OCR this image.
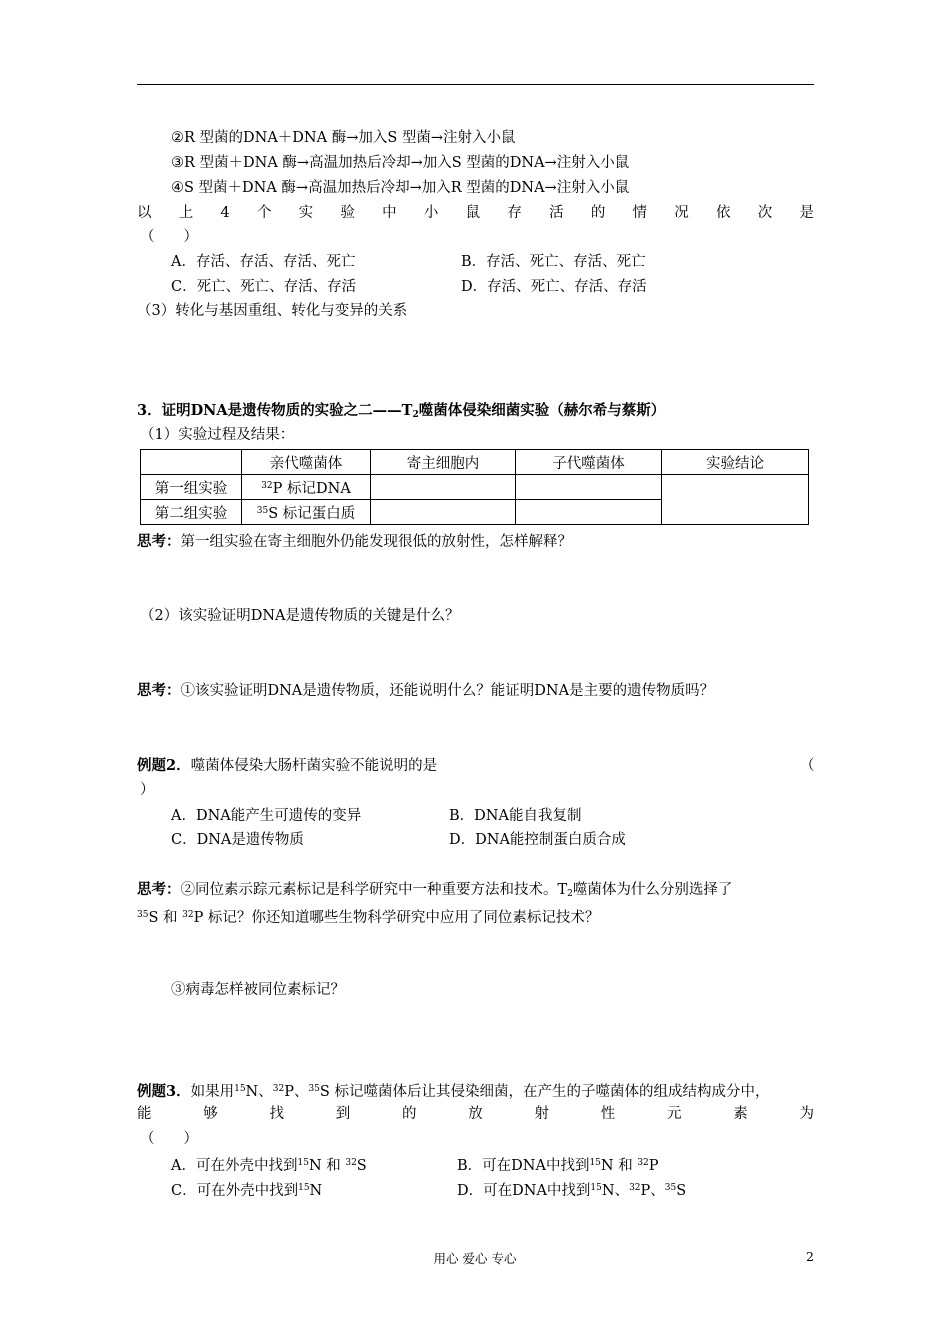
②R 型菌的DNA＋DNA 酶→加入S 型菌→注射入小鼠
③R 型菌＋DNA 酶→高温加热后冷却→加入S 型菌的DNA→注射入小鼠
④S 型菌＋DNA 酶→高温加热后冷却→加入R 型菌的DNA→注射入小鼠
以 上 4 个 实 验 中 小 鼠 存 活 的 情 况 依 次 是
（　　）
A．存活、存活、存活、死亡	B．存活、死亡、存活、死亡
C．死亡、死亡、存活、存活	D．存活、死亡、存活、存活
（3）转化与基因重组、转化与变异的关系
3．证明DNA是遗传物质的实验之二$——T_2$噬菌体侵染细菌实验（赫尔希与蔡斯）
（1）实验过程及结果：
	亲代噬菌体	寄主细胞内	子代噬菌体	实验结论
第一组实验	$^{32}$P 标记DNA			
第二组实验	$^{35}$S 标记蛋白质			
思考：第一组实验在寄主细胞外仍能发现很低的放射性，怎样解释？
（2）该实验证明DNA是遗传物质的关键是什么？
思考：①该实验证明DNA是遗传物质，还能说明什么？能证明DNA是主要的遗传物质吗？
例题2．噬菌体侵染大肠杆菌实验不能说明的是	（
）
A．DNA能产生可遗传的变异	B．DNA能自我复制
C．DNA是遗传物质	D．DNA能控制蛋白质合成
思考：②同位素示踪元素标记是科学研究中一种重要方法和技术。$T_2$噬菌体为什么分别选择了
$^{35}$S 和 $^{32}$P 标记？你还知道哪些生物科学研究中应用了同位素标记技术？
③病毒怎样被同位素标记？
例题3．如果用$^{15}$N、$^{32}$P、$^{35}$S 标记噬菌体后让其侵染细菌，在产生的子噬菌体的组成结构成分中，
能	够	找	到	的	放	射	性	元	素	为
（　　）
A．可在外壳中找到$^{15}$N 和 $^{32}$S	B．可在DNA中找到$^{15}$N 和 $^{32}$P
C．可在外壳中找到$^{15}$N	D．可在DNA中找到$^{15}$N、$^{32}$P、$^{35}$S
用心 爱心 专心	2
